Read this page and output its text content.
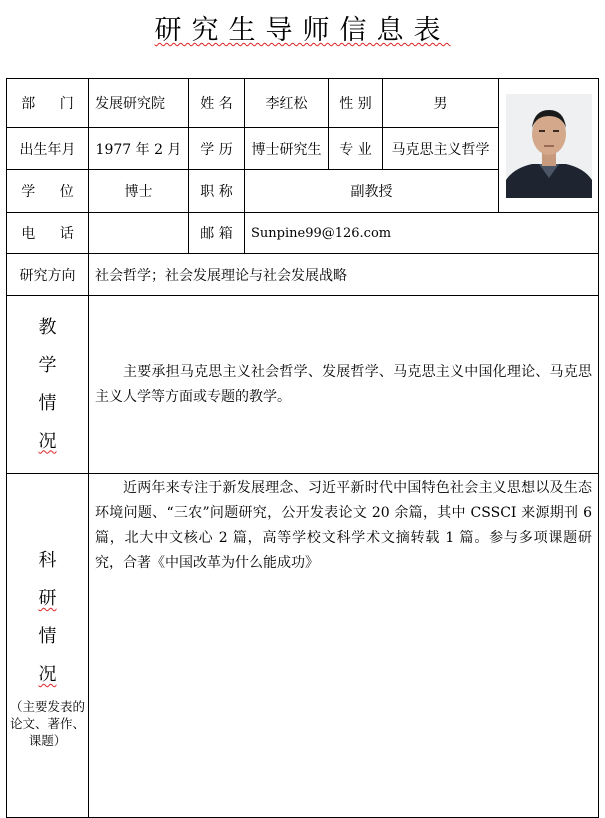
研究生导师信息表
部 门	发展研究院	姓 名	李红松	性 别	男	

出生年月	1977 年 2 月	学 历	博士研究生	专 业	马克思主义哲学	
学 位	博士	职 称	副教授			
电 话		邮 箱	Sunpine99@126.com			
研究方向	社会哲学；社会发展理论与社会发展战略					

教
学
情
况	主要承担马克思主义社会哲学、发展哲学、马克思主义中国化理论、马克思主义人学等方面或专题的教学。					

科
研
情
况
（主要发表的论文、著作、课题）	近两年来专注于新发展理念、习近平新时代中国特色社会主义思想以及生态环境问题、“三农”问题研究，公开发表论文 20 余篇，其中 CSSCI 来源期刊 6 篇，北大中文核心 2 篇，高等学校文科学术文摘转载 1 篇。参与多项课题研究，合著《中国改革为什么能成功》					
